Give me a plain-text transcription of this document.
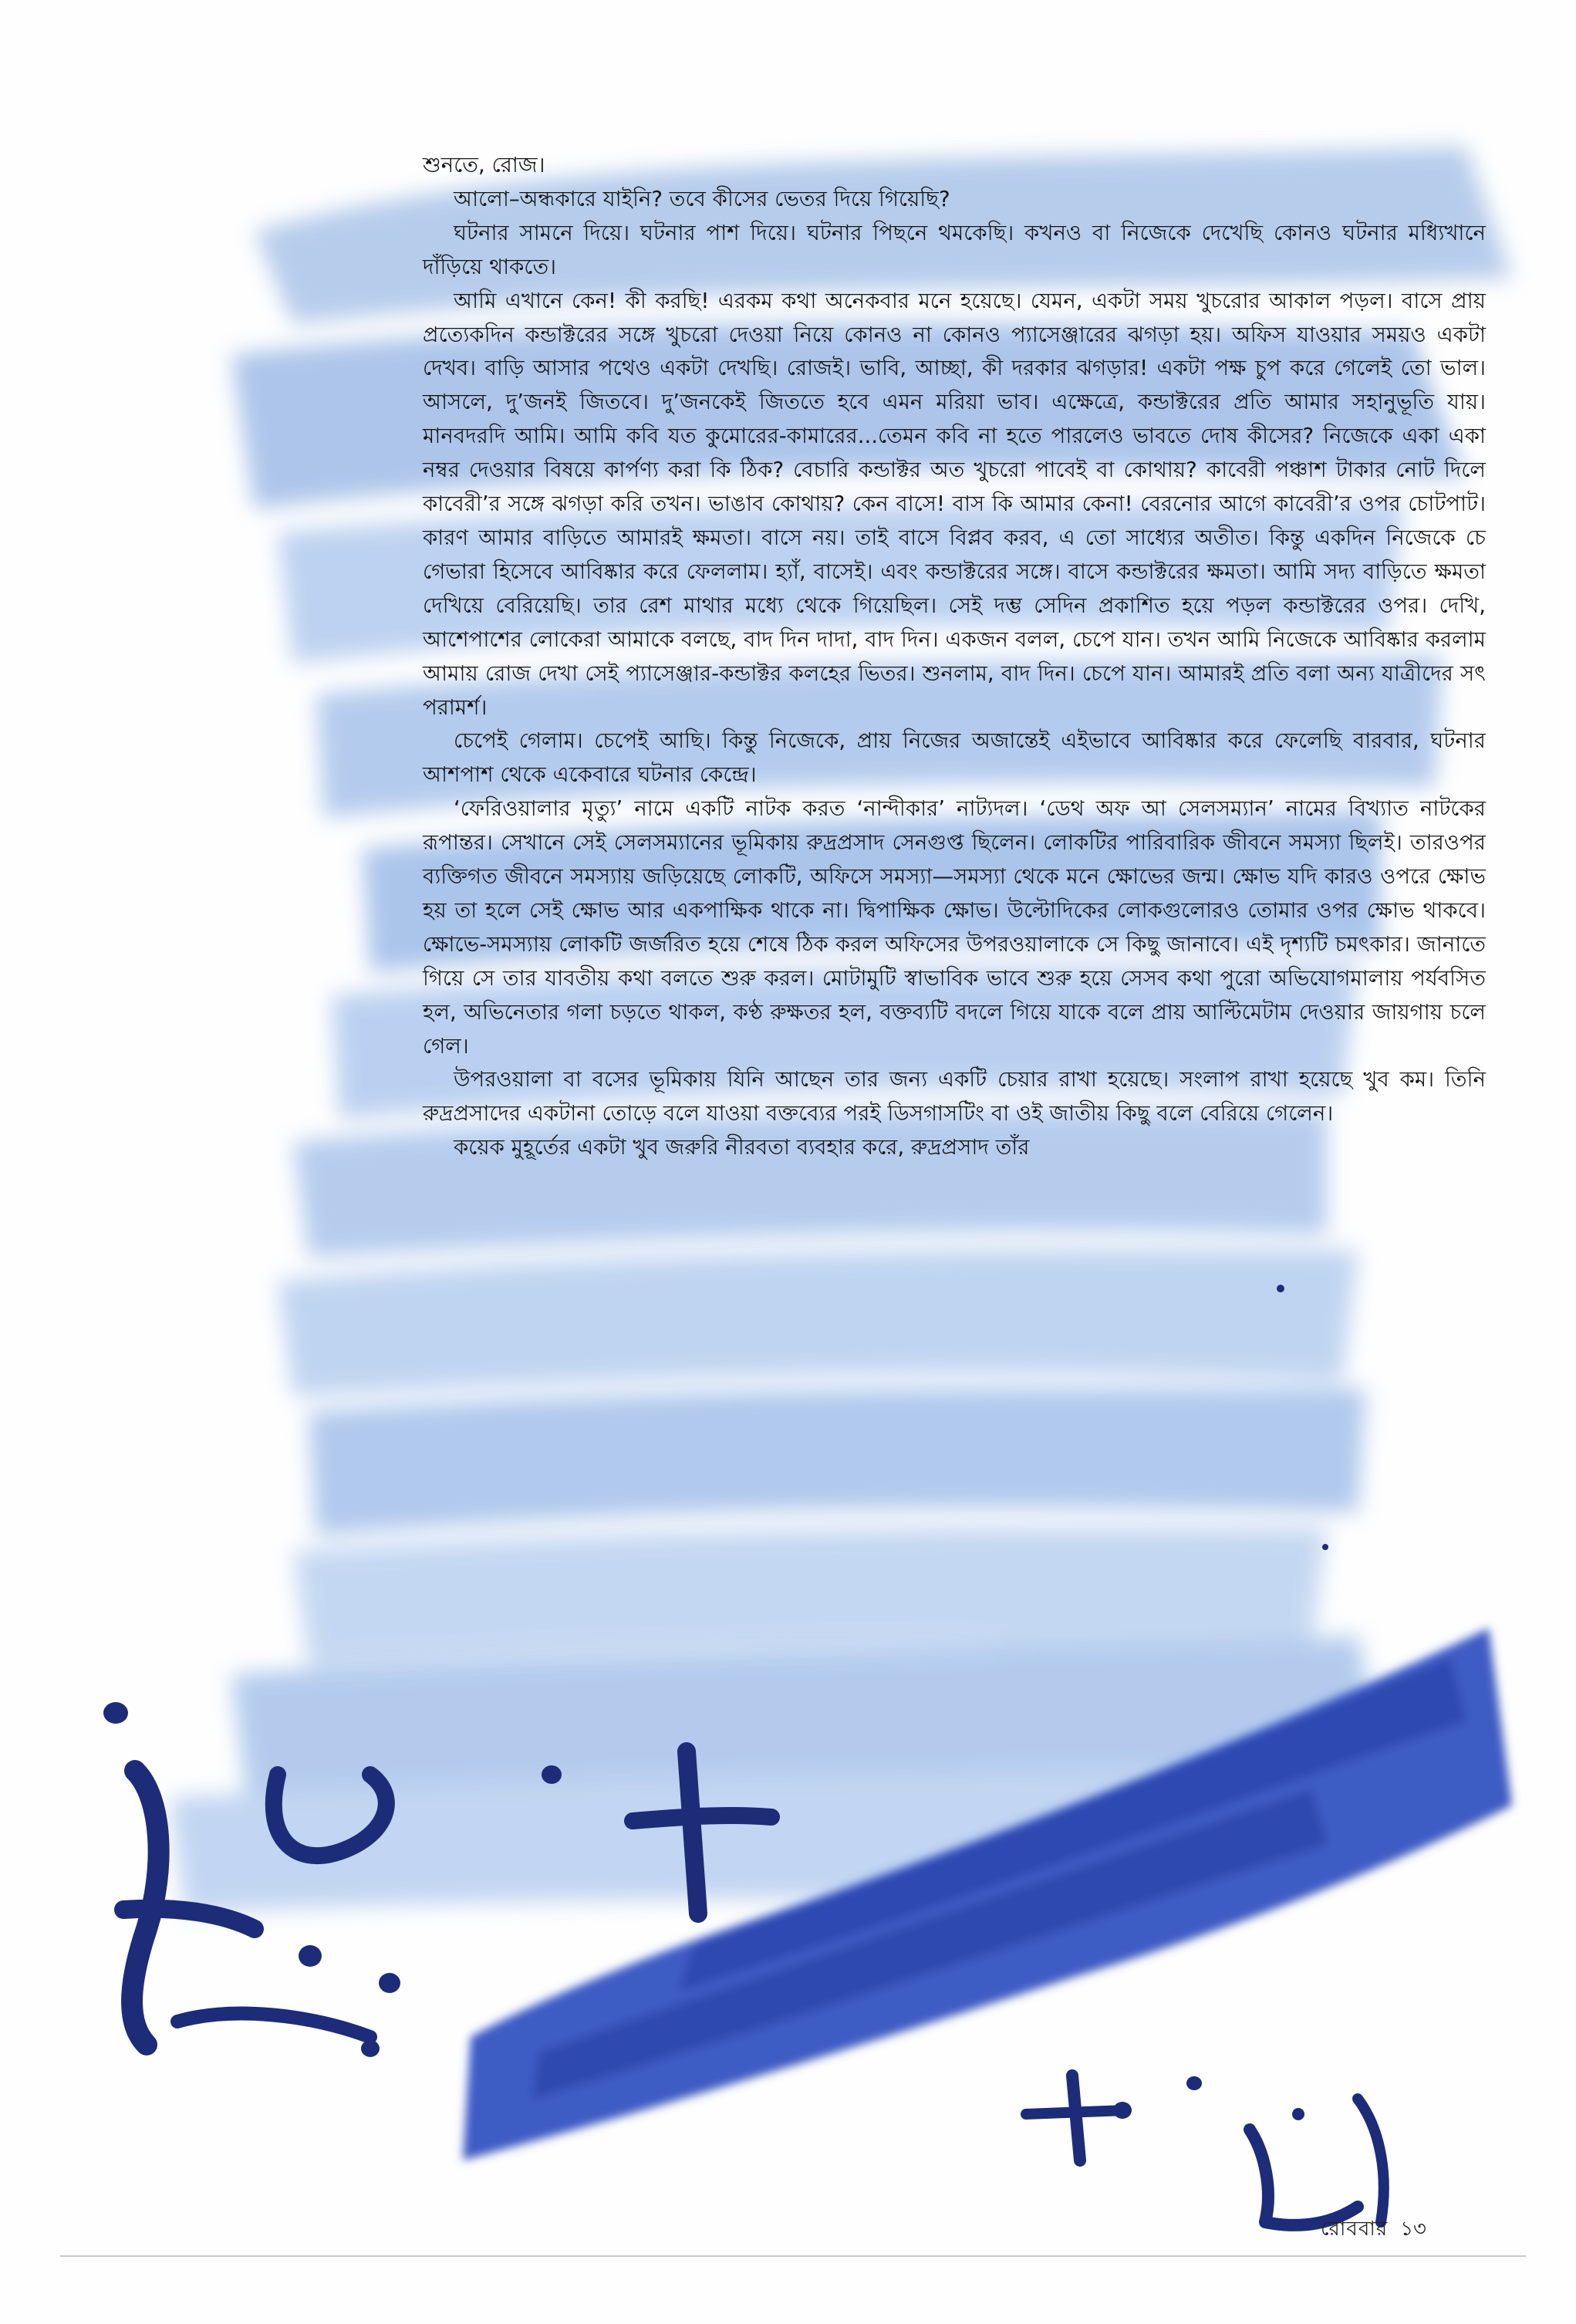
শুনতে, রোজ।

আলো–অন্ধকারে যাইনি? তবে কীসের ভেতর দিয়ে গিয়েছি?

ঘটনার সামনে দিয়ে। ঘটনার পাশ দিয়ে। ঘটনার পিছনে থমকেছি। কখনও বা নিজেকে দেখেছি কোনও ঘটনার মধ্যিখানে দাঁড়িয়ে থাকতে।

আমি এখানে কেন! কী করছি! এরকম কথা অনেকবার মনে হয়েছে। যেমন, একটা সময় খুচরোর আকাল পড়ল। বাসে প্রায় প্রত্যেকদিন কন্ডাক্টরের সঙ্গে খুচরো দেওয়া নিয়ে কোনও না কোনও প্যাসেঞ্জারের ঝগড়া হয়। অফিস যাওয়ার সময়ও একটা দেখব। বাড়ি আসার পথেও একটা দেখছি। রোজই। ভাবি, আচ্ছা, কী দরকার ঝগড়ার! একটা পক্ষ চুপ করে গেলেই তো ভাল। আসলে, দু’জনই জিতবে। দু’জনকেই জিততে হবে এমন মরিয়া ভাব। এক্ষেত্রে, কন্ডাক্টরের প্রতি আমার সহানুভূতি যায়। মানবদরদি আমি। আমি কবি যত কুমোরের-কামারের...তেমন কবি না হতে পারলেও ভাবতে দোষ কীসের? নিজেকে একা একা নম্বর দেওয়ার বিষয়ে কার্পণ্য করা কি ঠিক? বেচারি কন্ডাক্টর অত খুচরো পাবেই বা কোথায়? কাবেরী পঞ্চাশ টাকার নোট দিলে কাবেরী’র সঙ্গে ঝগড়া করি তখন। ভাঙাব কোথায়? কেন বাসে! বাস কি আমার কেনা! বেরনোর আগে কাবেরী’র ওপর চোটপাট। কারণ আমার বাড়িতে আমারই ক্ষমতা। বাসে নয়। তাই বাসে বিপ্লব করব, এ তো সাধ্যের অতীত। কিন্তু একদিন নিজেকে চে গেভারা হিসেবে আবিষ্কার করে ফেললাম। হ্যাঁ, বাসেই। এবং কন্ডাক্টরের সঙ্গে। বাসে কন্ডাক্টরের ক্ষমতা। আমি সদ্য বাড়িতে ক্ষমতা দেখিয়ে বেরিয়েছি। তার রেশ মাথার মধ্যে থেকে গিয়েছিল। সেই দম্ভ সেদিন প্রকাশিত হয়ে পড়ল কন্ডাক্টরের ওপর। দেখি, আশেপাশের লোকেরা আমাকে বলছে, বাদ দিন দাদা, বাদ দিন। একজন বলল, চেপে যান। তখন আমি নিজেকে আবিষ্কার করলাম আমায় রোজ দেখা সেই প্যাসেঞ্জার-কন্ডাক্টর কলহের ভিতর। শুনলাম, বাদ দিন। চেপে যান। আমারই প্রতি বলা অন্য যাত্রীদের সৎ পরামর্শ।

চেপেই গেলাম। চেপেই আছি। কিন্তু নিজেকে, প্রায় নিজের অজান্তেই এইভাবে আবিষ্কার করে ফেলেছি বারবার, ঘটনার আশপাশ থেকে একেবারে ঘটনার কেন্দ্রে।

‘ফেরিওয়ালার মৃত্যু’ নামে একটি নাটক করত ‘নান্দীকার’ নাট্যদল। ‘ডেথ অফ আ সেলসম্যান’ নামের বিখ্যাত নাটকের রূপান্তর। সেখানে সেই সেলসম্যানের ভূমিকায় রুদ্রপ্রসাদ সেনগুপ্ত ছিলেন। লোকটির পারিবারিক জীবনে সমস্যা ছিলই। তারওপর ব্যক্তিগত জীবনে সমস্যায় জড়িয়েছে লোকটি, অফিসে সমস্যা—সমস্যা থেকে মনে ক্ষোভের জন্ম। ক্ষোভ যদি কারও ওপরে ক্ষোভ হয় তা হলে সেই ক্ষোভ আর একপাক্ষিক থাকে না। দ্বিপাক্ষিক ক্ষোভ। উল্টোদিকের লোকগুলোরও তোমার ওপর ক্ষোভ থাকবে। ক্ষোভে-সমস্যায় লোকটি জর্জরিত হয়ে শেষে ঠিক করল অফিসের উপরওয়ালাকে সে কিছু জানাবে। এই দৃশ্যটি চমৎকার। জানাতে গিয়ে সে তার যাবতীয় কথা বলতে শুরু করল। মোটামুটি স্বাভাবিক ভাবে শুরু হয়ে সেসব কথা পুরো অভিযোগমালায় পর্যবসিত হল, অভিনেতার গলা চড়তে থাকল, কণ্ঠ রুক্ষতর হল, বক্তব্যটি বদলে গিয়ে যাকে বলে প্রায় আল্টিমেটাম দেওয়ার জায়গায় চলে গেল।

উপরওয়ালা বা বসের ভূমিকায় যিনি আছেন তার জন্য একটি চেয়ার রাখা হয়েছে। সংলাপ রাখা হয়েছে খুব কম। তিনি রুদ্রপ্রসাদের একটানা তোড়ে বলে যাওয়া বক্তব্যের পরই ডিসগাসটিং বা ওই জাতীয় কিছু বলে বেরিয়ে গেলেন।

কয়েক মুহূর্তের একটা খুব জরুরি নীরবতা ব্যবহার করে, রুদ্রপ্রসাদ তাঁর

রোববার ১৩
